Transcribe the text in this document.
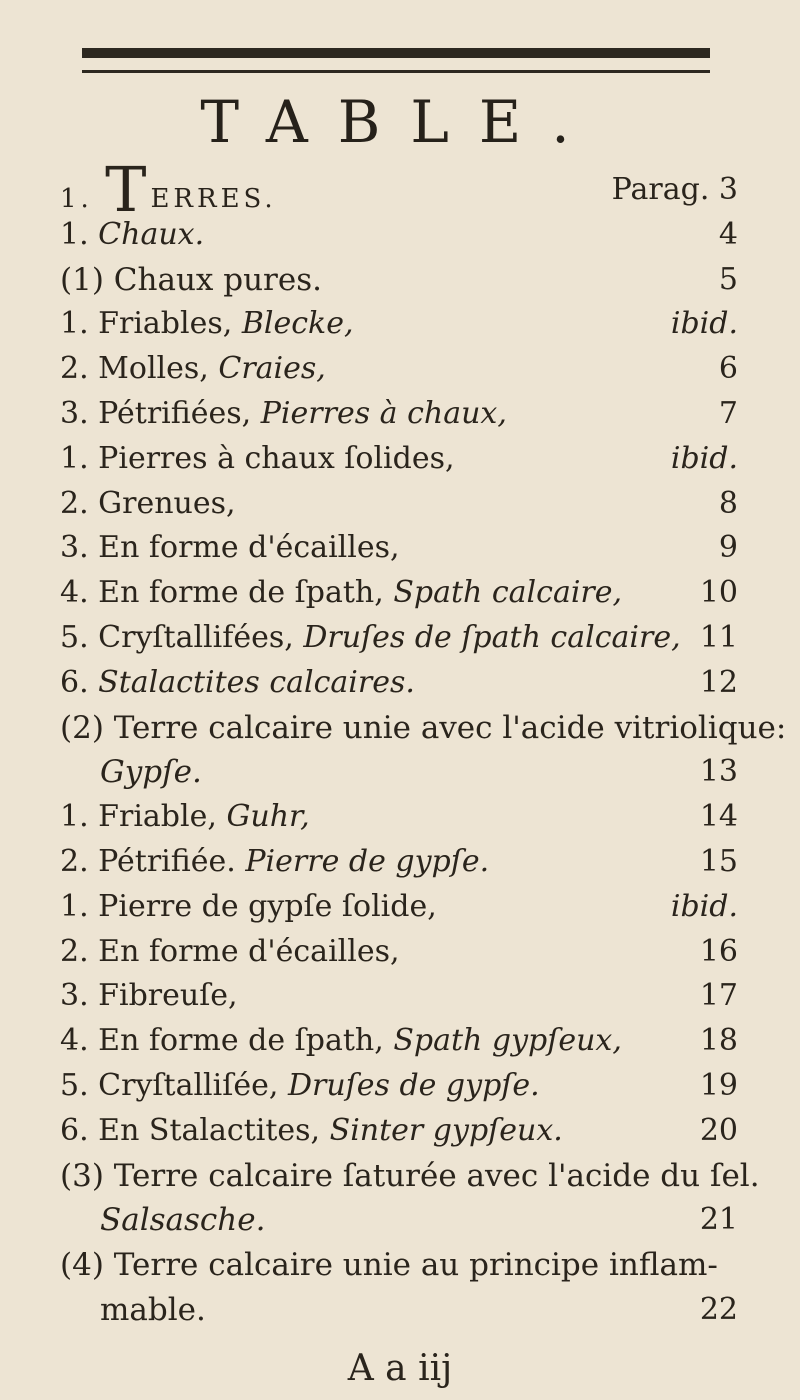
TABLE.
1. TERRES.	Parag. 3
1. Chaux.	4
(1) Chaux pures.	5
1. Friables, Blecke,	ibid.
2. Molles, Craies,	6
3. Pétrifiées, Pierres à chaux,	7
1. Pierres à chaux ſolides,	ibid.
2. Grenues,	8
3. En forme d'écailles,	9
4. En forme de ſpath, Spath calcaire,	10
5. Cryſtallifées, Druſes de ſpath calcaire, 11
6. Stalactites calcaires.	12
(2) Terre calcaire unie avec l'acide vitriolique:
Gypſe.	13
1. Friable, Guhr,	14
2. Pétrifiée. Pierre de gypſe.	15
1. Pierre de gypſe ſolide,	ibid.
2. En forme d'écailles,	16
3. Fibreuſe,	17
4. En forme de ſpath, Spath gypſeux,	18
5. Cryſtalliſée, Druſes de gypſe.	19
6. En Stalactites, Sinter gypſeux.	20
(3) Terre calcaire ſaturée avec l'acide du ſel.
Salsasche.	21
(4) Terre calcaire unie au principe inflam-
mable.	22
A a iij
